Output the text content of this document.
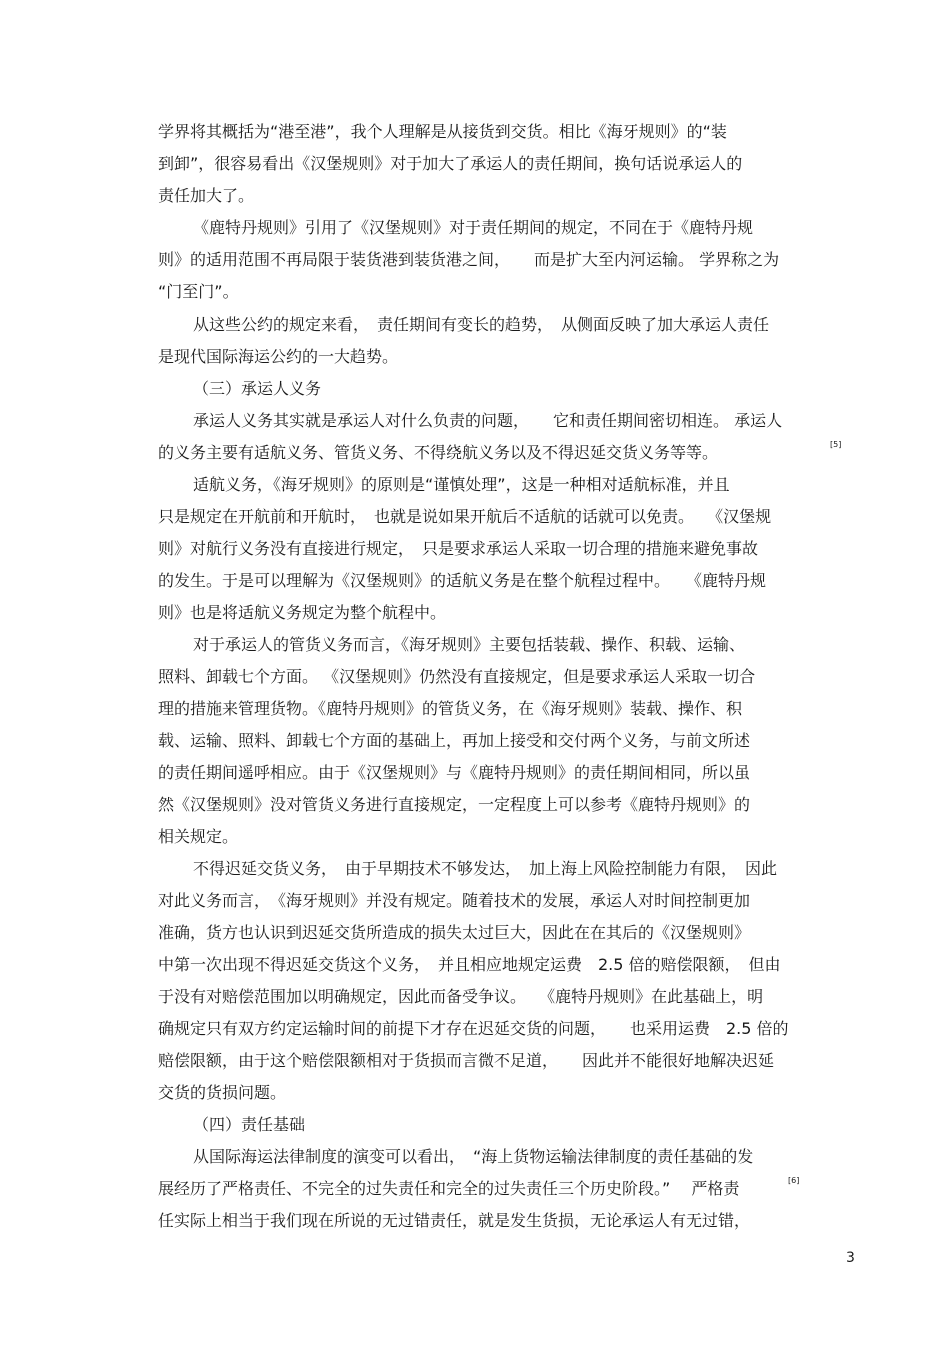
学界将其概括为“港至港”，我个人理解是从接货到交货。相比《海牙规则》的“装
到卸”，很容易看出《汉堡规则》对于加大了承运人的责任期间，换句话说承运人的
责任加大了。
《鹿特丹规则》引用了《汉堡规则》对于责任期间的规定，不同在于《鹿特丹规
则》的适用范围不再局限于装货港到装货港之间，　　而是扩大至内河运输。 学界称之为
“门至门”。
从这些公约的规定来看，　责任期间有变长的趋势，　从侧面反映了加大承运人责任
是现代国际海运公约的一大趋势。
（三）承运人义务
承运人义务其实就是承运人对什么负责的问题，　　它和责任期间密切相连。 承运人
的义务主要有适航义务、管货义务、不得绕航义务以及不得迟延交货义务等等。	[5]
适航义务，《海牙规则》的原则是“谨慎处理”，这是一种相对适航标准，并且
只是规定在开航前和开航时，　也就是说如果开航后不适航的话就可以免责。　 《汉堡规
则》对航行义务没有直接进行规定，　只是要求承运人采取一切合理的措施来避免事故
的发生。于是可以理解为《汉堡规则》的适航义务是在整个航程过程中。　　《鹿特丹规
则》也是将适航义务规定为整个航程中。
对于承运人的管货义务而言，《海牙规则》主要包括装载、操作、积载、运输、
照料、卸载七个方面。 《汉堡规则》仍然没有直接规定，但是要求承运人采取一切合
理的措施来管理货物。《鹿特丹规则》的管货义务，在《海牙规则》装载、操作、积
载、运输、照料、卸载七个方面的基础上，再加上接受和交付两个义务，与前文所述
的责任期间遥呼相应。由于《汉堡规则》与《鹿特丹规则》的责任期间相同，所以虽
然《汉堡规则》没对管货义务进行直接规定，一定程度上可以参考《鹿特丹规则》的
相关规定。
不得迟延交货义务，　由于早期技术不够发达，　加上海上风险控制能力有限，　因此
对此义务而言，　《海牙规则》并没有规定。随着技术的发展，承运人对时间控制更加
准确，货方也认识到迟延交货所造成的损失太过巨大，因此在在其后的《汉堡规则》
中第一次出现不得迟延交货这个义务，　并且相应地规定运费　2.5 倍的赔偿限额，　但由
于没有对赔偿范围加以明确规定，因此而备受争议。　 《鹿特丹规则》在此基础上，明
确规定只有双方约定运输时间的前提下才存在迟延交货的问题，　　也采用运费　2.5 倍的
赔偿限额，由于这个赔偿限额相对于货损而言微不足道，　　因此并不能很好地解决迟延
交货的货损问题。
（四）责任基础
从国际海运法律制度的演变可以看出，　“海上货物运输法律制度的责任基础的发
展经历了严格责任、不完全的过失责任和完全的过失责任三个历史阶段。”　 严格责	[6]
任实际上相当于我们现在所说的无过错责任，就是发生货损，无论承运人有无过错，
3
